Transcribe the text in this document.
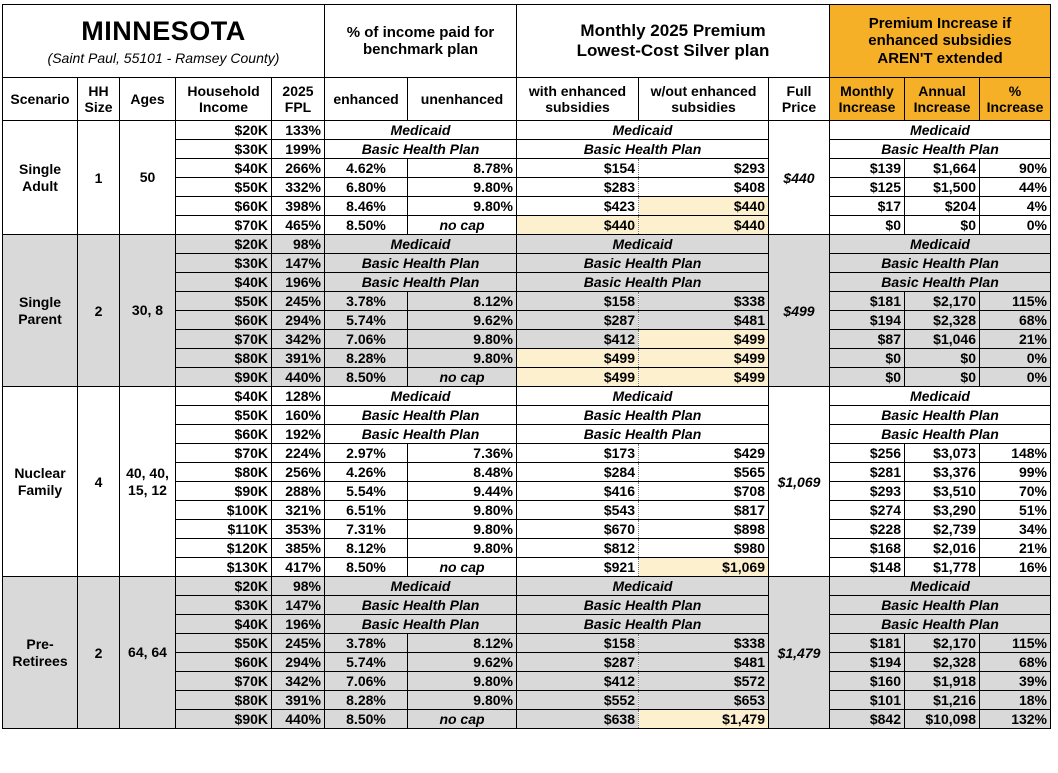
MINNESOTA
(Saint Paul, 55101 - Ramsey County)					% of income paid for benchmark plan		Monthly 2025 Premium Lowest-Cost Silver plan			Premium Increase if enhanced subsidies AREN'T extended		

Scenario	HH Size	Ages	Household Income	2025 FPL	enhanced	unenhanced	with enhanced subsidies	w/out enhanced subsidies	Full Price	Monthly Increase	Annual Increase	% Increase
Single Adult	1	50	$20K	133%	Medicaid		Medicaid		$440	Medicaid		
			$30K	199%	Basic Health Plan		Basic Health Plan			Basic Health Plan		
			$40K	266%	4.62%	8.78%	$154	$293		$139	$1,664	90%
			$50K	332%	6.80%	9.80%	$283	$408		$125	$1,500	44%
			$60K	398%	8.46%	9.80%	$423	$440		$17	$204	4%
			$70K	465%	8.50%	no cap	$440	$440		$0	$0	0%
Single Parent	2	30, 8	$20K	98%	Medicaid		Medicaid		$499	Medicaid		
			$30K	147%	Basic Health Plan		Basic Health Plan			Basic Health Plan		
			$40K	196%	Basic Health Plan		Basic Health Plan			Basic Health Plan		
			$50K	245%	3.78%	8.12%	$158	$338		$181	$2,170	115%
			$60K	294%	5.74%	9.62%	$287	$481		$194	$2,328	68%
			$70K	342%	7.06%	9.80%	$412	$499		$87	$1,046	21%
			$80K	391%	8.28%	9.80%	$499	$499		$0	$0	0%
			$90K	440%	8.50%	no cap	$499	$499		$0	$0	0%
Nuclear Family	4	40, 40, 15, 12	$40K	128%	Medicaid		Medicaid		$1,069	Medicaid		
			$50K	160%	Basic Health Plan		Basic Health Plan			Basic Health Plan		
			$60K	192%	Basic Health Plan		Basic Health Plan			Basic Health Plan		
			$70K	224%	2.97%	7.36%	$173	$429		$256	$3,073	148%
			$80K	256%	4.26%	8.48%	$284	$565		$281	$3,376	99%
			$90K	288%	5.54%	9.44%	$416	$708		$293	$3,510	70%
			$100K	321%	6.51%	9.80%	$543	$817		$274	$3,290	51%
			$110K	353%	7.31%	9.80%	$670	$898		$228	$2,739	34%
			$120K	385%	8.12%	9.80%	$812	$980		$168	$2,016	21%
			$130K	417%	8.50%	no cap	$921	$1,069		$148	$1,778	16%
Pre-Retirees	2	64, 64	$20K	98%	Medicaid		Medicaid		$1,479	Medicaid		
			$30K	147%	Basic Health Plan		Basic Health Plan			Basic Health Plan		
			$40K	196%	Basic Health Plan		Basic Health Plan			Basic Health Plan		
			$50K	245%	3.78%	8.12%	$158	$338		$181	$2,170	115%
			$60K	294%	5.74%	9.62%	$287	$481		$194	$2,328	68%
			$70K	342%	7.06%	9.80%	$412	$572		$160	$1,918	39%
			$80K	391%	8.28%	9.80%	$552	$653		$101	$1,216	18%
			$90K	440%	8.50%	no cap	$638	$1,479		$842	$10,098	132%
